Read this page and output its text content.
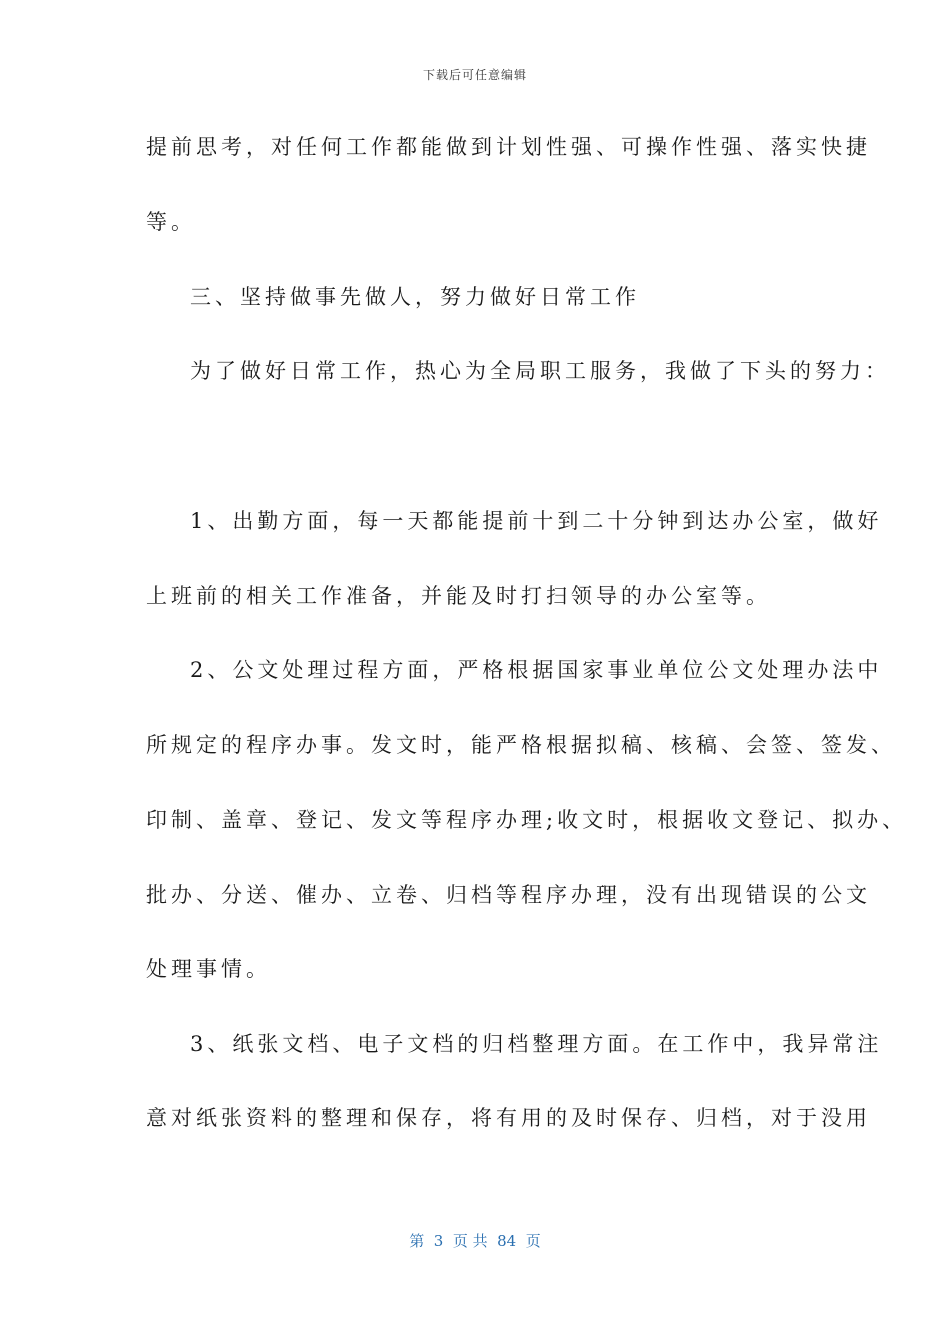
下载后可任意编辑
提前思考，对任何工作都能做到计划性强、可操作性强、落实快捷
等。
三、坚持做事先做人，努力做好日常工作
为了做好日常工作，热心为全局职工服务，我做了下头的努力：
1、出勤方面，每一天都能提前十到二十分钟到达办公室，做好
上班前的相关工作准备，并能及时打扫领导的办公室等。
2、公文处理过程方面，严格根据国家事业单位公文处理办法中
所规定的程序办事。发文时，能严格根据拟稿、核稿、会签、签发、
印制、盖章、登记、发文等程序办理;收文时，根据收文登记、拟办、
批办、分送、催办、立卷、归档等程序办理，没有出现错误的公文
处理事情。
3、纸张文档、电子文档的归档整理方面。在工作中，我异常注
意对纸张资料的整理和保存，将有用的及时保存、归档，对于没用
第  3  页 共  84  页
